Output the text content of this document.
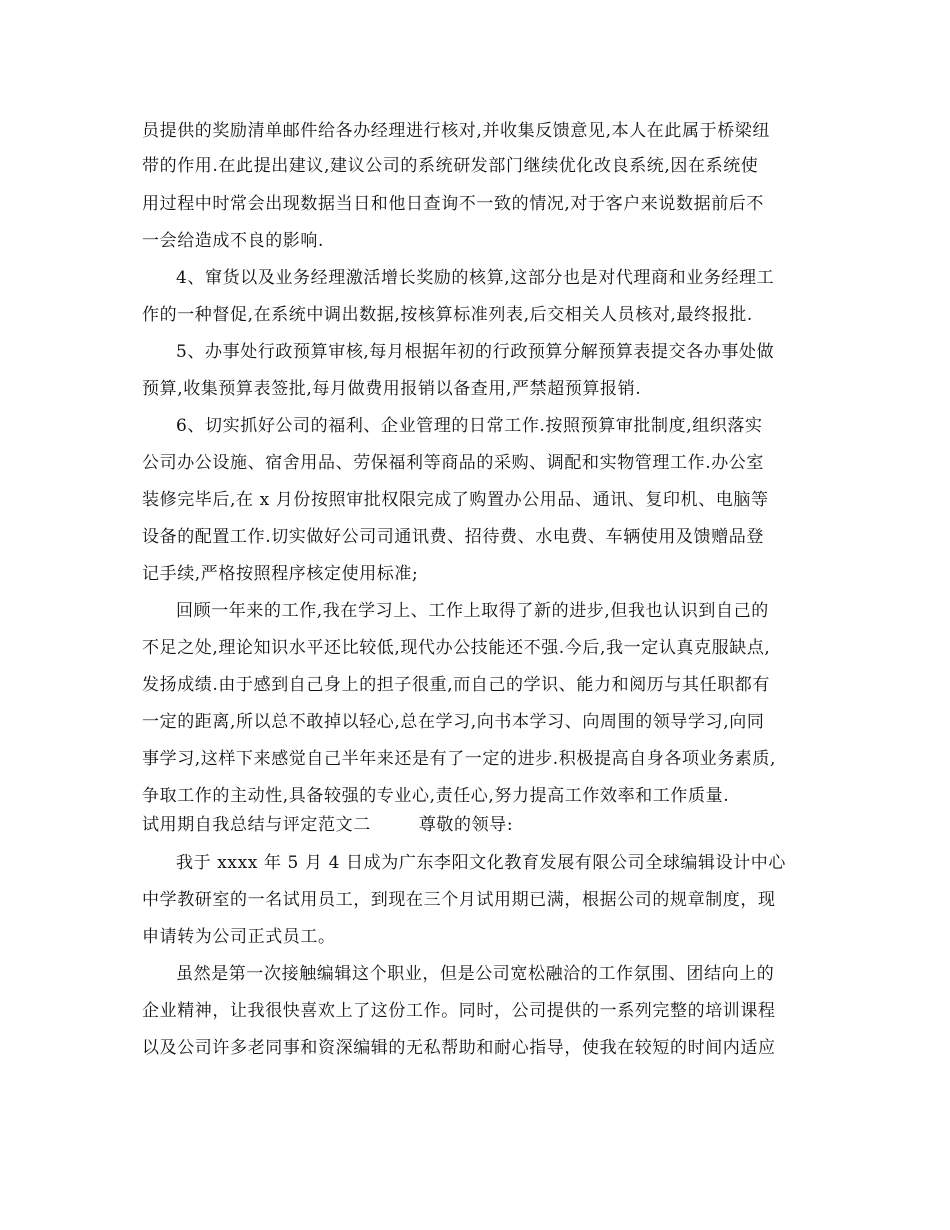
员提供的奖励清单邮件给各办经理进行核对,并收集反馈意见,本人在此属于桥梁纽
带的作用.在此提出建议,建议公司的系统研发部门继续优化改良系统,因在系统使
用过程中时常会出现数据当日和他日查询不一致的情况,对于客户来说数据前后不
一会给造成不良的影响.
4、窜货以及业务经理激活增长奖励的核算,这部分也是对代理商和业务经理工
作的一种督促,在系统中调出数据,按核算标准列表,后交相关人员核对,最终报批.
5、办事处行政预算审核,每月根据年初的行政预算分解预算表提交各办事处做
预算,收集预算表签批,每月做费用报销以备查用,严禁超预算报销.
6、切实抓好公司的福利、企业管理的日常工作.按照预算审批制度,组织落实
公司办公设施、宿舍用品、劳保福利等商品的采购、调配和实物管理工作.办公室
装修完毕后,在 x 月份按照审批权限完成了购置办公用品、通讯、复印机、电脑等
设备的配置工作.切实做好公司司通讯费、招待费、水电费、车辆使用及馈赠品登
记手续,严格按照程序核定使用标准;
回顾一年来的工作,我在学习上、工作上取得了新的进步,但我也认识到自己的
不足之处,理论知识水平还比较低,现代办公技能还不强.今后,我一定认真克服缺点,
发扬成绩.由于感到自己身上的担子很重,而自己的学识、能力和阅历与其任职都有
一定的距离,所以总不敢掉以轻心,总在学习,向书本学习、向周围的领导学习,向同
事学习,这样下来感觉自己半年来还是有了一定的进步.积极提高自身各项业务素质,
争取工作的主动性,具备较强的专业心,责任心,努力提高工作效率和工作质量.
试用期自我总结与评定范文二        尊敬的领导:
我于 xxxx 年 5 月 4 日成为广东李阳文化教育发展有限公司全球编辑设计中心
中学教研室的一名试用员工，到现在三个月试用期已满，根据公司的规章制度，现
申请转为公司正式员工。
虽然是第一次接触编辑这个职业，但是公司宽松融洽的工作氛围、团结向上的
企业精神，让我很快喜欢上了这份工作。同时，公司提供的一系列完整的培训课程
以及公司许多老同事和资深编辑的无私帮助和耐心指导，使我在较短的时间内适应
